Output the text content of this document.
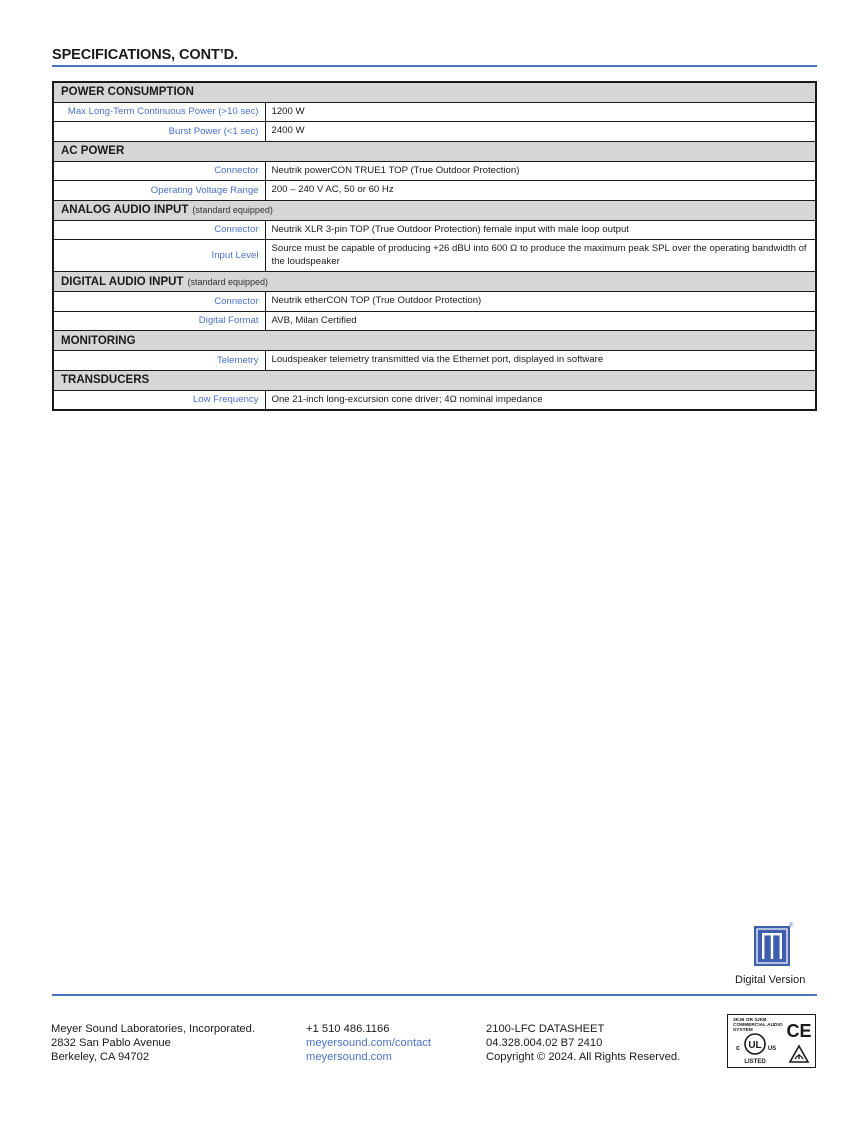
SPECIFICATIONS, CONT’D.
POWER CONSUMPTION	
Max Long-Term Continuous Power (>10 sec)	1200 W
Burst Power (<1 sec)	2400 W
AC POWER	
Connector	Neutrik powerCON TRUE1 TOP (True Outdoor Protection)
Operating Voltage Range	200 – 240 V AC, 50 or 60 Hz
ANALOG AUDIO INPUT (standard equipped)	
Connector	Neutrik XLR 3-pin TOP (True Outdoor Protection) female input with male loop output
Input Level	Source must be capable of producing +26 dBU into 600 Ω to produce the maximum peak SPL over the operating bandwidth of the loudspeaker
DIGITAL AUDIO INPUT (standard equipped)	
Connector	Neutrik etherCON TOP (True Outdoor Protection)
Digital Format	AVB, Milan Certified
MONITORING	
Telemetry	Loudspeaker telemetry transmitted via the Ethernet port, displayed in software
TRANSDUCERS	
Low Frequency	One 21-inch long-excursion cone driver; 4Ω nominal impedance
®
Digital Version
Meyer Sound Laboratories, Incorporated.
2832 San Pablo Avenue
Berkeley, CA 94702
+1 510 486.1166
meyersound.com/contact
meyersound.com
2100-LFC DATASHEET
04.328.004.02 B7 2410
Copyright © 2024. All Rights Reserved.
3K36 OR 3JKB COMMERCIAL AUDIO SYSTEM
UL
c	US
LISTED
CE
